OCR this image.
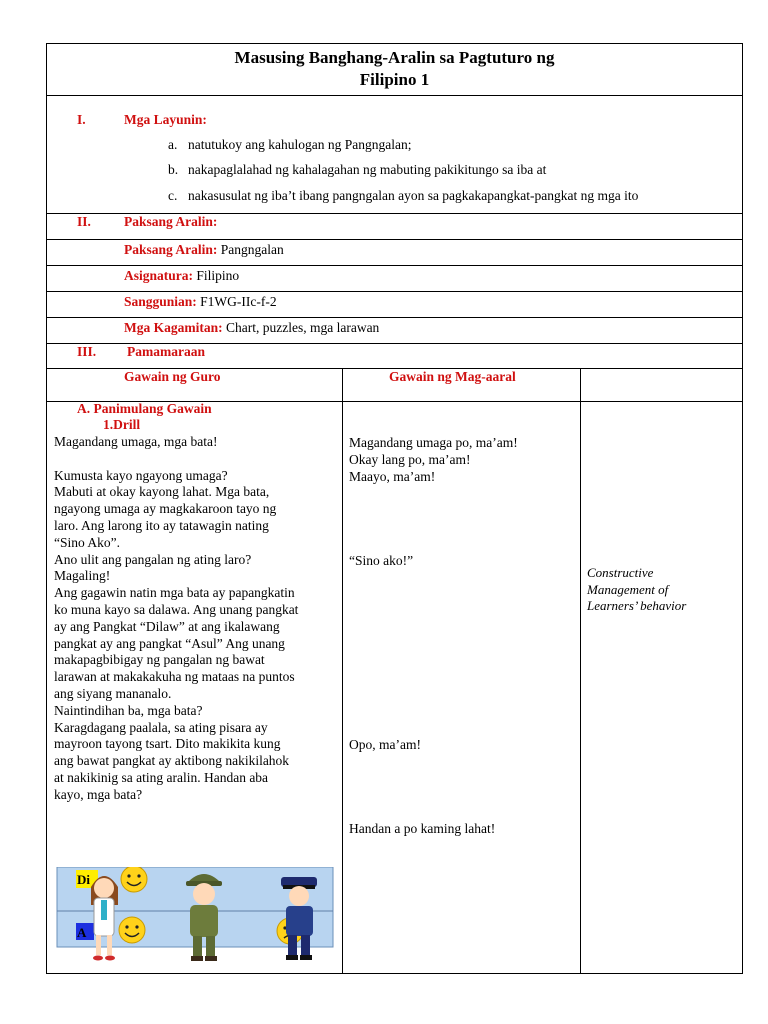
Masusing Banghang-Aralin sa Pagtuturo ng
Filipino 1
I.	Mga Layunin:
a. natutukoy ang kahulogan ng Pangngalan;
b. nakapaglalahad ng kahalagahan ng mabuting pakikitungo sa iba at
c. nakasusulat ng iba’t ibang pangngalan ayon sa pagkakapangkat-pangkat ng mga ito
II. Paksang Aralin:
Paksang Aralin: Pangngalan
Asignatura: Filipino
Sanggunian: F1WG-IIc-f-2
Mga Kagamitan: Chart, puzzles, mga larawan
III. Pamamaraan
Gawain ng Guro	Gawain ng Mag-aaral
A. Panimulang Gawain
1.Drill
Magandang umaga, mga bata!

Kumusta kayo ngayong umaga?
Mabuti at okay kayong lahat. Mga bata,
ngayong umaga ay magkakaroon tayo ng
laro. Ang larong ito ay tatawagin nating
“Sino Ako”.
Ano ulit ang pangalan ng ating laro?
Magaling!
Ang gagawin natin mga bata ay papangkatin
ko muna kayo sa dalawa. Ang unang pangkat
ay ang Pangkat “Dilaw” at ang ikalawang
pangkat ay ang pangkat “Asul” Ang unang
makapagbibigay ng pangalan ng bawat
larawan at makakakuha ng mataas na puntos
ang siyang mananalo.
Naintindihan ba, mga bata?
Karagdagang paalala, sa ating pisara ay
mayroon tayong tsart. Dito makikita kung
ang bawat pangkat ay aktibong nakikilahok
at nakikinig sa ating aralin. Handan aba
kayo, mga bata?
Magandang umaga po, ma’am!
Okay lang po, ma’am!
Maayo, ma’am!
“Sino ako!”
Opo, ma’am!
Handan a po kaming lahat!
Constructive
Management of
Learners’ behavior
Di
A
